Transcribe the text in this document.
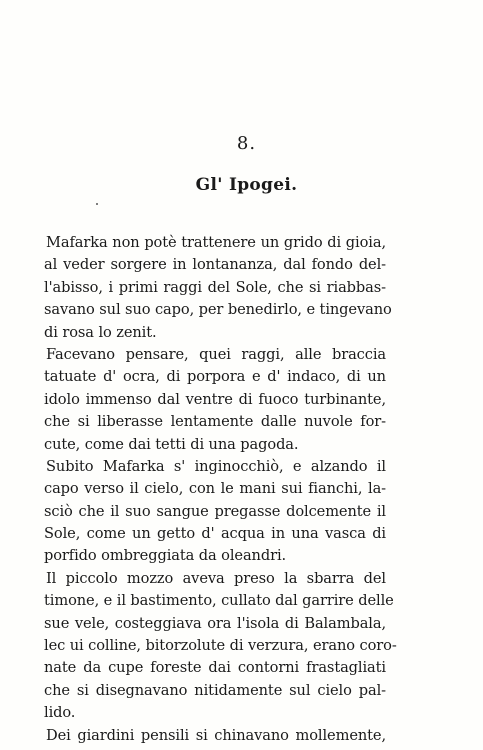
8.
Gl' Ipogei.
Mafarka non potè trattenere un grido di gioia,
al veder sorgere in lontananza, dal fondo del-
l'abisso, i primi raggi del Sole, che si riabbas-
savano sul suo capo, per benedirlo, e tingevano
di rosa lo zenit.
Facevano pensare, quei raggi, alle braccia
tatuate d' ocra, di porpora e d' indaco, di un
idolo immenso dal ventre di fuoco turbinante,
che si liberasse lentamente dalle nuvole for-
cute, come dai tetti di una pagoda.
Subito Mafarka s' inginocchiò, e alzando il
capo verso il cielo, con le mani sui fianchi, la-
sciò che il suo sangue pregasse dolcemente il
Sole, come un getto d' acqua in una vasca di
porfido ombreggiata da oleandri.
Il piccolo mozzo aveva preso la sbarra del
timone, e il bastimento, cullato dal garrire delle
sue vele, costeggiava ora l'isola di Balambala,
lec ui colline, bitorzolute di verzura, erano coro-
nate da cupe foreste dai contorni frastagliati
che si disegnavano nitidamente sul cielo pal-
lido.
Dei giardini pensili si chinavano mollemente,
